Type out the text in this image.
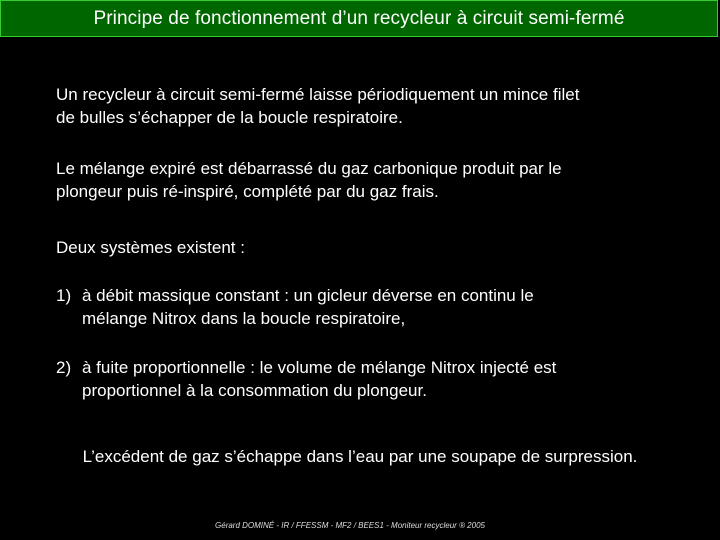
Principe de fonctionnement d’un recycleur à circuit semi-fermé

Un recycleur à circuit semi-fermé laisse périodiquement un mince filet
de bulles s’échapper de la boucle respiratoire.

Le mélange expiré est débarrassé du gaz carbonique produit par le
plongeur puis ré-inspiré, complété par du gaz frais.

Deux systèmes existent :

1) à débit massique constant : un gicleur déverse en continu le
mélange Nitrox dans la boucle respiratoire,
2) à fuite proportionnelle : le volume de mélange Nitrox injecté est
proportionnel à la consommation du plongeur.
L’excédent de gaz s’échappe dans l’eau par une soupape de surpression.
Gérard DOMINÉ - IR / FFESSM - MF2 / BEES1 - Moniteur recycleur ® 2005
